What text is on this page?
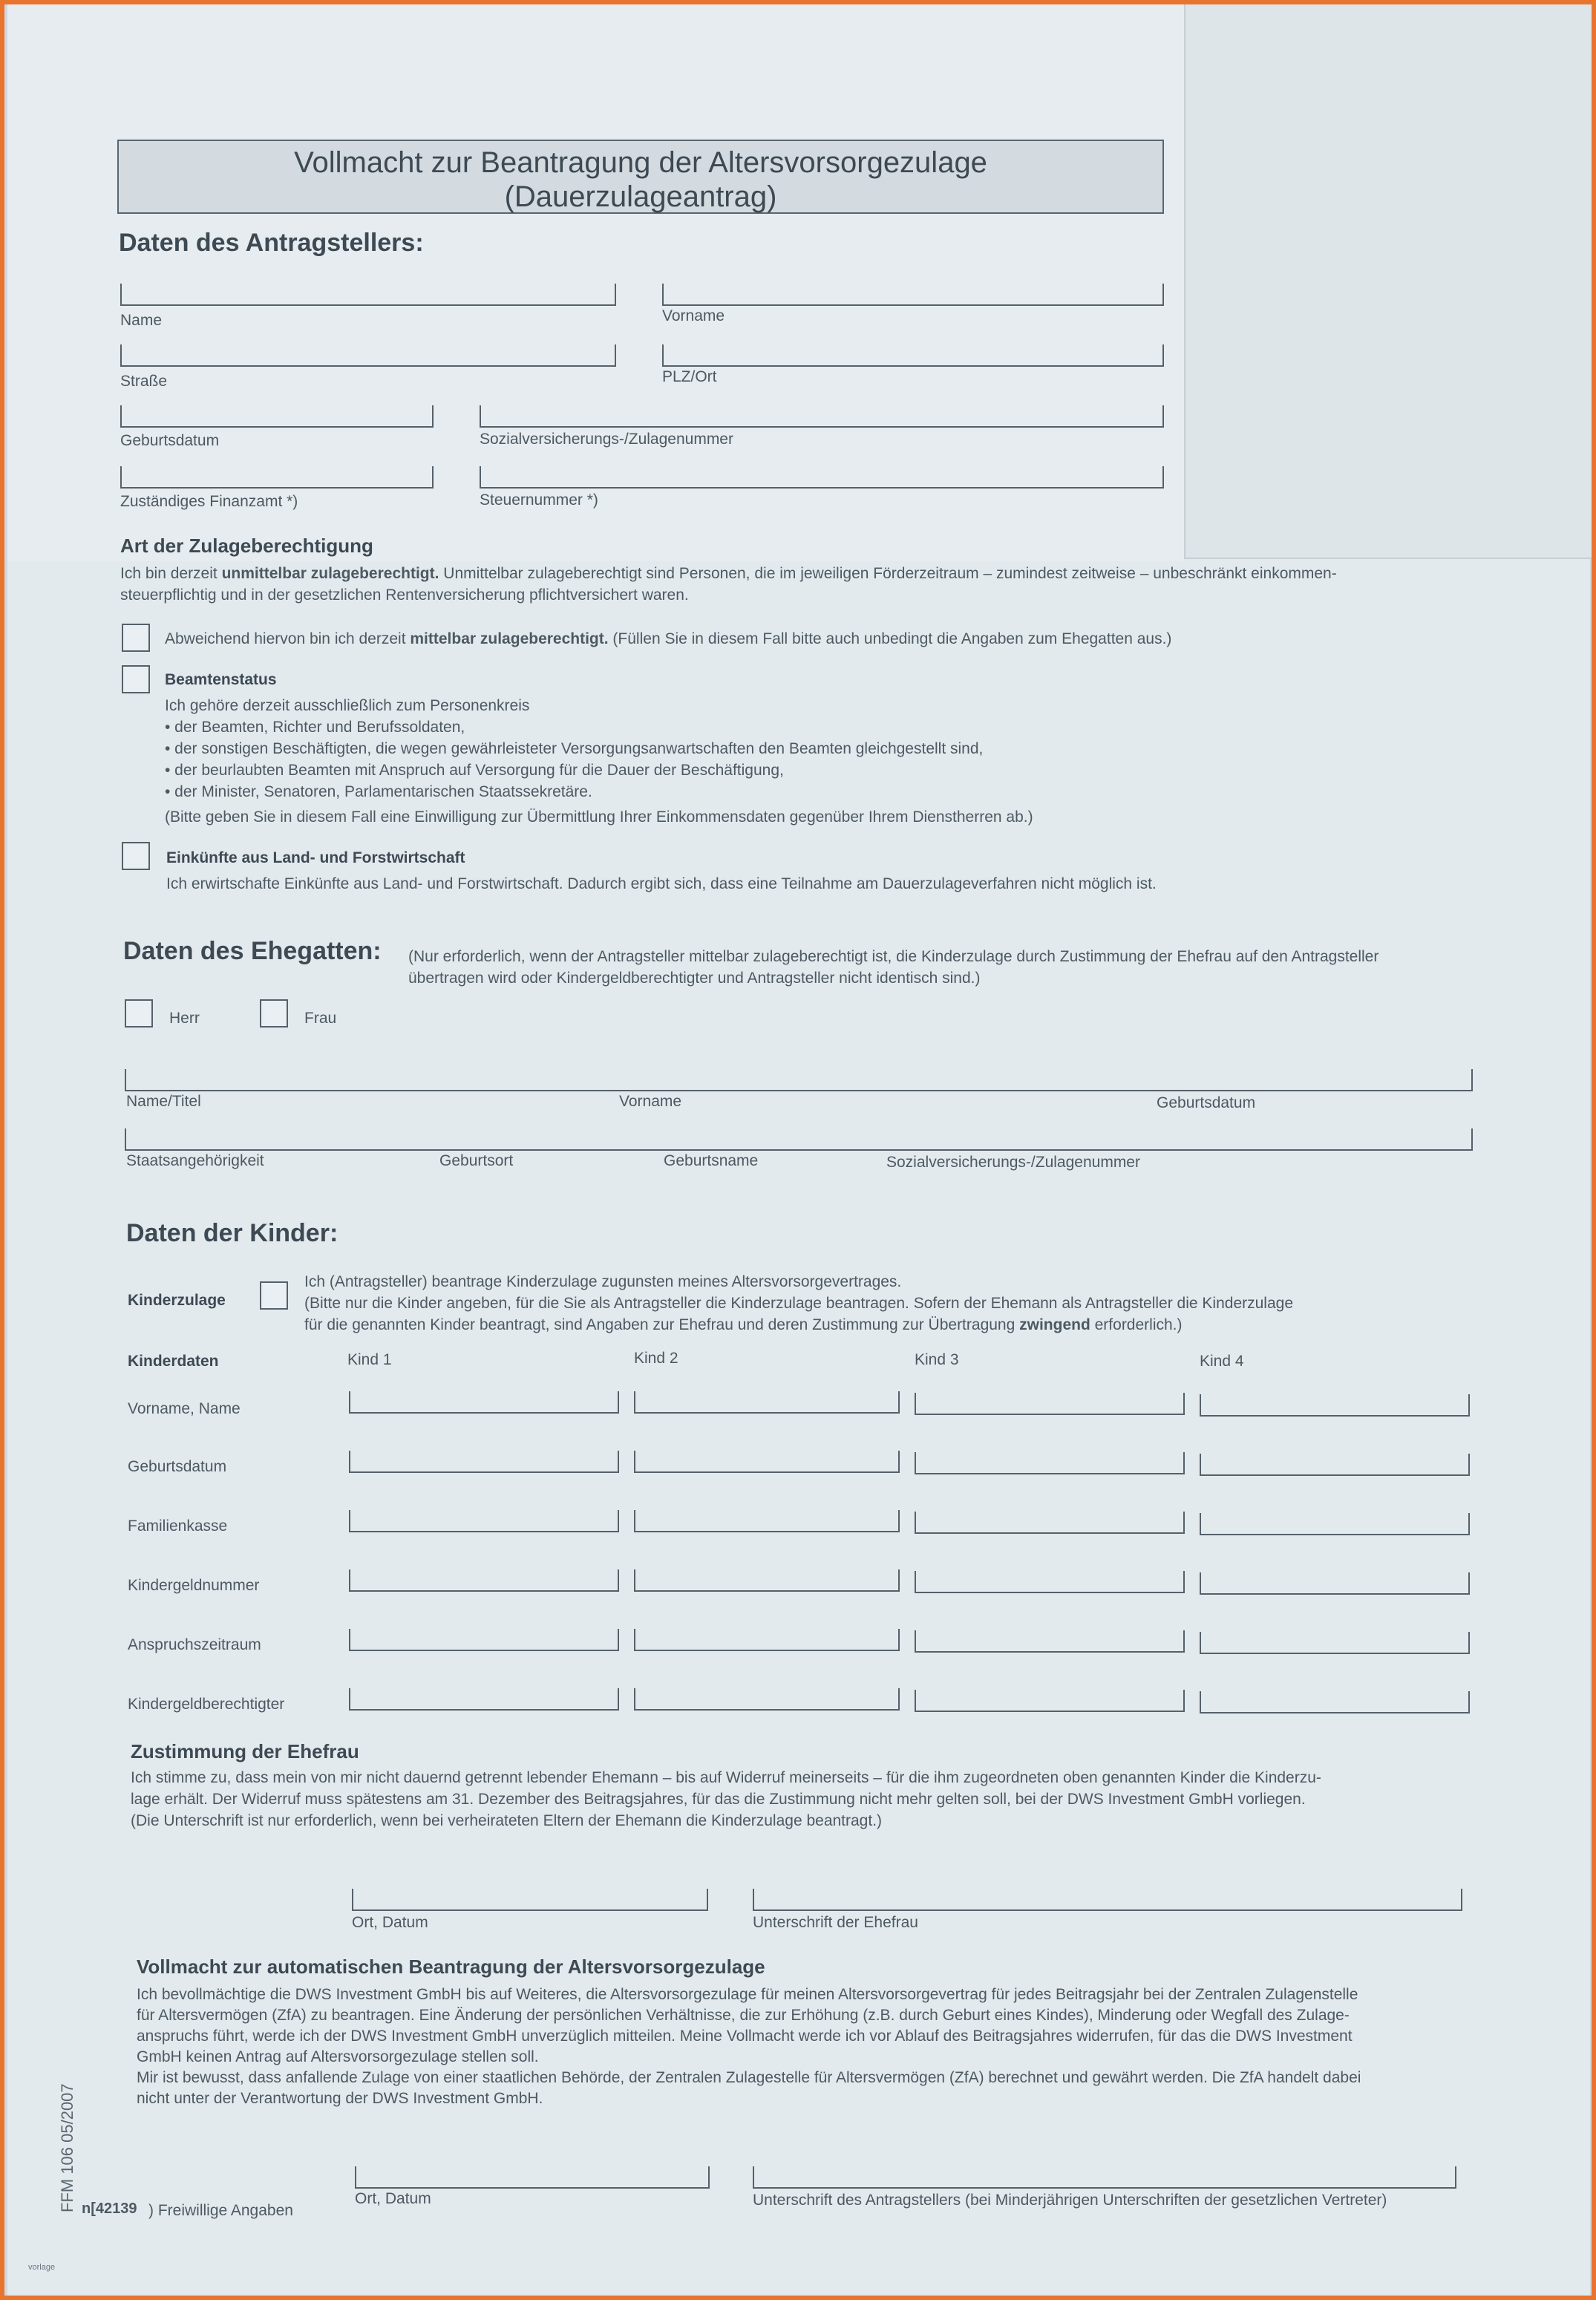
Vollmacht zur Beantragung der Altersvorsorgezulage
(Dauerzulageantrag)
Daten des Antragstellers:
Name	Vorname
Straße	PLZ/Ort
Geburtsdatum	Sozialversicherungs-/Zulagenummer
Zuständiges Finanzamt *)	Steuernummer *)
Art der Zulageberechtigung
Ich bin derzeit unmittelbar zulageberechtigt. Unmittelbar zulageberechtigt sind Personen, die im jeweiligen Förderzeitraum – zumindest zeitweise – unbeschränkt einkommen-
steuerpflichtig und in der gesetzlichen Rentenversicherung pflichtversichert waren.
Abweichend hiervon bin ich derzeit mittelbar zulageberechtigt. (Füllen Sie in diesem Fall bitte auch unbedingt die Angaben zum Ehegatten aus.)
Beamtenstatus
Ich gehöre derzeit ausschließlich zum Personenkreis
• der Beamten, Richter und Berufssoldaten,
• der sonstigen Beschäftigten, die wegen gewährleisteter Versorgungsanwartschaften den Beamten gleichgestellt sind,
• der beurlaubten Beamten mit Anspruch auf Versorgung für die Dauer der Beschäftigung,
• der Minister, Senatoren, Parlamentarischen Staatssekretäre.
(Bitte geben Sie in diesem Fall eine Einwilligung zur Übermittlung Ihrer Einkommensdaten gegenüber Ihrem Dienstherren ab.)
Einkünfte aus Land- und Forstwirtschaft
Ich erwirtschafte Einkünfte aus Land- und Forstwirtschaft. Dadurch ergibt sich, dass eine Teilnahme am Dauerzulageverfahren nicht möglich ist.
Daten des Ehegatten: (Nur erforderlich, wenn der Antragsteller mittelbar zulageberechtigt ist, die Kinderzulage durch Zustimmung der Ehefrau auf den Antragsteller
übertragen wird oder Kindergeldberechtigter und Antragsteller nicht identisch sind.)
Herr	Frau
Name/Titel	Vorname	Geburtsdatum
Staatsangehörigkeit	Geburtsort	Geburtsname	Sozialversicherungs-/Zulagenummer
Daten der Kinder:
Kinderzulage
Ich (Antragsteller) beantrage Kinderzulage zugunsten meines Altersvorsorgevertrages.
(Bitte nur die Kinder angeben, für die Sie als Antragsteller die Kinderzulage beantragen. Sofern der Ehemann als Antragsteller die Kinderzulage
für die genannten Kinder beantragt, sind Angaben zur Ehefrau und deren Zustimmung zur Übertragung zwingend erforderlich.)
Kinderdaten	Kind 1	Kind 2	Kind 3	Kind 4
Vorname, Name
Geburtsdatum
Familienkasse
Kindergeldnummer
Anspruchszeitraum
Kindergeldberechtigter
Zustimmung der Ehefrau
Ich stimme zu, dass mein von mir nicht dauernd getrennt lebender Ehemann – bis auf Widerruf meinerseits – für die ihm zugeordneten oben genannten Kinder die Kinderzu-
lage erhält. Der Widerruf muss spätestens am 31. Dezember des Beitragsjahres, für das die Zustimmung nicht mehr gelten soll, bei der DWS Investment GmbH vorliegen.
(Die Unterschrift ist nur erforderlich, wenn bei verheirateten Eltern der Ehemann die Kinderzulage beantragt.)
Ort, Datum	Unterschrift der Ehefrau
Vollmacht zur automatischen Beantragung der Altersvorsorgezulage
Ich bevollmächtige die DWS Investment GmbH bis auf Weiteres, die Altersvorsorgezulage für meinen Altersvorsorgevertrag für jedes Beitragsjahr bei der Zentralen Zulagenstelle
für Altersvermögen (ZfA) zu beantragen. Eine Änderung der persönlichen Verhältnisse, die zur Erhöhung (z.B. durch Geburt eines Kindes), Minderung oder Wegfall des Zulage-
anspruchs führt, werde ich der DWS Investment GmbH unverzüglich mitteilen. Meine Vollmacht werde ich vor Ablauf des Beitragsjahres widerrufen, für das die DWS Investment
GmbH keinen Antrag auf Altersvorsorgezulage stellen soll.
Mir ist bewusst, dass anfallende Zulage von einer staatlichen Behörde, der Zentralen Zulagestelle für Altersvermögen (ZfA) berechnet und gewährt werden. Die ZfA handelt dabei
nicht unter der Verantwortung der DWS Investment GmbH.
Ort, Datum	Unterschrift des Antragstellers (bei Minderjährigen Unterschriften der gesetzlichen Vertreter)
FFM 106 05/2007 n[42139 ) Freiwillige Angaben
vorlage
